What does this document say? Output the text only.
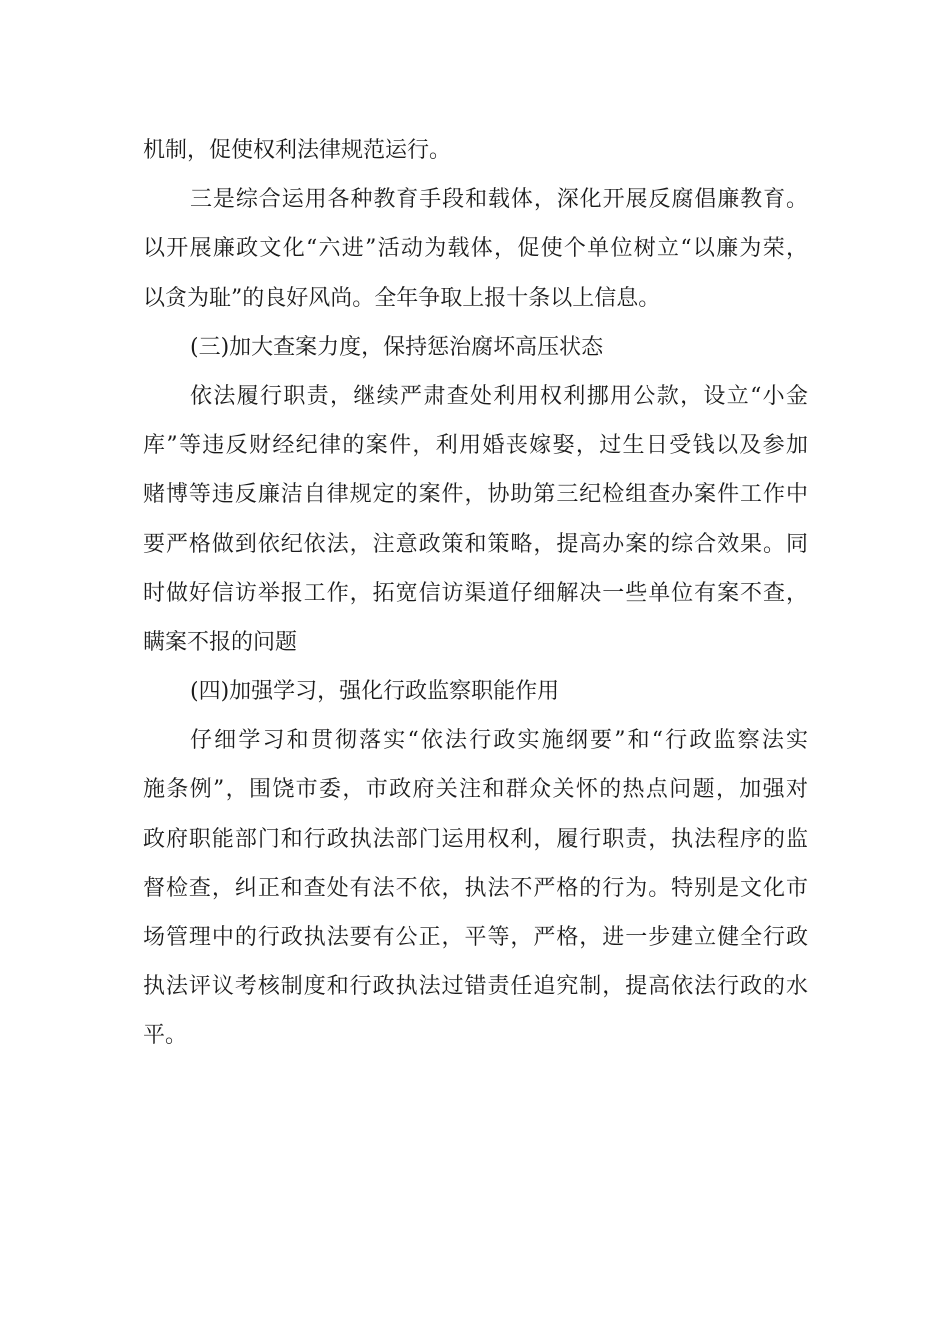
机制，促使权利法律规范运行。
三是综合运用各种教育手段和载体，深化开展反腐倡廉教育。
以开展廉政文化“六进”活动为载体，促使个单位树立“以廉为荣，
以贪为耻”的良好风尚。全年争取上报十条以上信息。
(三)加大查案力度，保持惩治腐坏高压状态
依法履行职责，继续严肃查处利用权利挪用公款，设立“小金
库”等违反财经纪律的案件，利用婚丧嫁娶，过生日受钱以及参加
赌博等违反廉洁自律规定的案件，协助第三纪检组查办案件工作中
要严格做到依纪依法，注意政策和策略，提高办案的综合效果。同
时做好信访举报工作，拓宽信访渠道仔细解决一些单位有案不查，
瞒案不报的问题
(四)加强学习，强化行政监察职能作用
仔细学习和贯彻落实“依法行政实施纲要”和“行政监察法实
施条例”，围饶市委，市政府关注和群众关怀的热点问题，加强对
政府职能部门和行政执法部门运用权利，履行职责，执法程序的监
督检查，纠正和查处有法不依，执法不严格的行为。特别是文化市
场管理中的行政执法要有公正，平等，严格，进一步建立健全行政
执法评议考核制度和行政执法过错责任追究制，提高依法行政的水
平。
